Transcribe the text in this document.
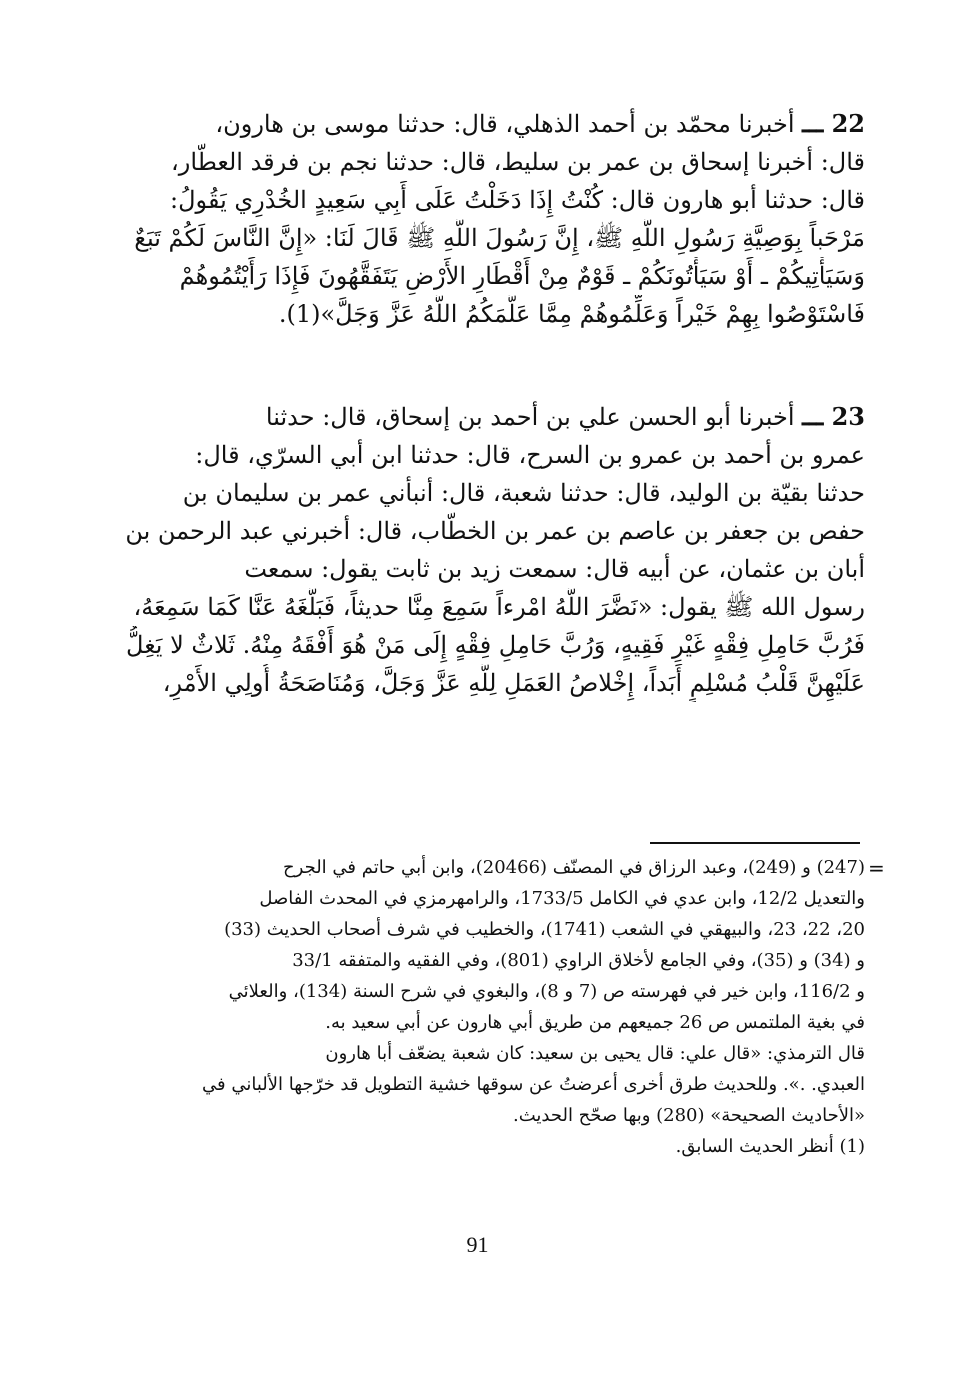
22 ـــ أخبرنا محمّد بن أحمد الذهلي، قال: حدثنا موسى بن هارون،
قال: أخبرنا إسحاق بن عمر بن سليط، قال: حدثنا نجم بن فرقد العطّار،
قال: حدثنا أبو هارون قال: كُنْتُ إِذَا دَخَلْتُ عَلَى أَبِي سَعِيدٍ الخُدْرِي يَقُولُ:
مَرْحَباً بِوَصِيَّةِ رَسُولِ اللَّهِ ﷺ، إِنَّ رَسُولَ اللَّهِ ﷺ قَالَ لَنَا: «إِنَّ النَّاسَ لَكُمْ تَبَعٌ
وَسَيَأْتِيكُمْ ـ أَوْ سَيَأْتُونَكُمْ ـ قَوْمٌ مِنْ أَقْطَارِ الأَرْضِ يَتَفَقَّهُونَ فَإِذَا رَأَيْتُمُوهُمْ
فَاسْتَوْصُوا بِهِمْ خَيْراً وَعَلِّمُوهُمْ مِمَّا عَلَّمَكُمُ اللَّهُ عَزَّ وَجَلَّ»(1).
23 ـــ أخبرنا أبو الحسن علي بن أحمد بن إسحاق، قال: حدثنا
عمرو بن أحمد بن عمرو بن السرح، قال: حدثنا ابن أبي السرّي، قال:
حدثنا بقيّة بن الوليد، قال: حدثنا شعبة، قال: أنبأني عمر بن سليمان بن
حفص بن جعفر بن عاصم بن عمر بن الخطّاب، قال: أخبرني عبد الرحمن بن
أبان بن عثمان، عن أبيه قال: سمعت زيد بن ثابت يقول: سمعت
رسول الله ﷺ يقول: «نَضَّرَ اللَّهُ امْرءاً سَمِعَ مِنَّا حديثاً، فَبَلَّغَهُ عَنَّا كَمَا سَمِعَهُ،
فَرُبَّ حَامِلِ فِقْهٍ غَيْرِ فَقِيهٍ، وَرُبَّ حَامِلِ فِقْهٍ إِلَى مَنْ هُوَ أَفْقَهُ مِنْهُ. ثَلاثٌ لا يَغِلُّ
عَلَيْهِنَّ قَلْبُ مُسْلِمٍ أَبَداً، إِخْلاصُ العَمَلِ لِلَّهِ عَزَّ وَجَلَّ، وَمُنَاصَحَةُ أُولِي الأَمْرِ،
=
(247) و (249)، وعبد الرزاق في المصنّف (20466)، وابن أبي حاتم في الجرح
والتعديل 12/2، وابن عدي في الكامل 1733/5، والرامهرمزي في المحدث الفاصل
20، 22، 23، والبيهقي في الشعب (1741)، والخطيب في شرف أصحاب الحديث (33)
و (34) و (35)، وفي الجامع لأخلاق الراوي (801)، وفي الفقيه والمتفقه 33/1
و 116/2، وابن خير في فهرسته ص (7 و 8)، والبغوي في شرح السنة (134)، والعلائي
في بغية الملتمس ص 26 جميعهم من طريق أبي هارون عن أبي سعيد به.
قال الترمذي: «قال علي: قال يحيى بن سعيد: كان شعبة يضعّف أبا هارون
العبدي. .». وللحديث طرق أخرى أعرضتُ عن سوقها خشية التطويل قد خرّجها الألباني في
«الأحاديث الصحيحة» (280) وبها صحّح الحديث.
(1) أنظر الحديث السابق.
91
